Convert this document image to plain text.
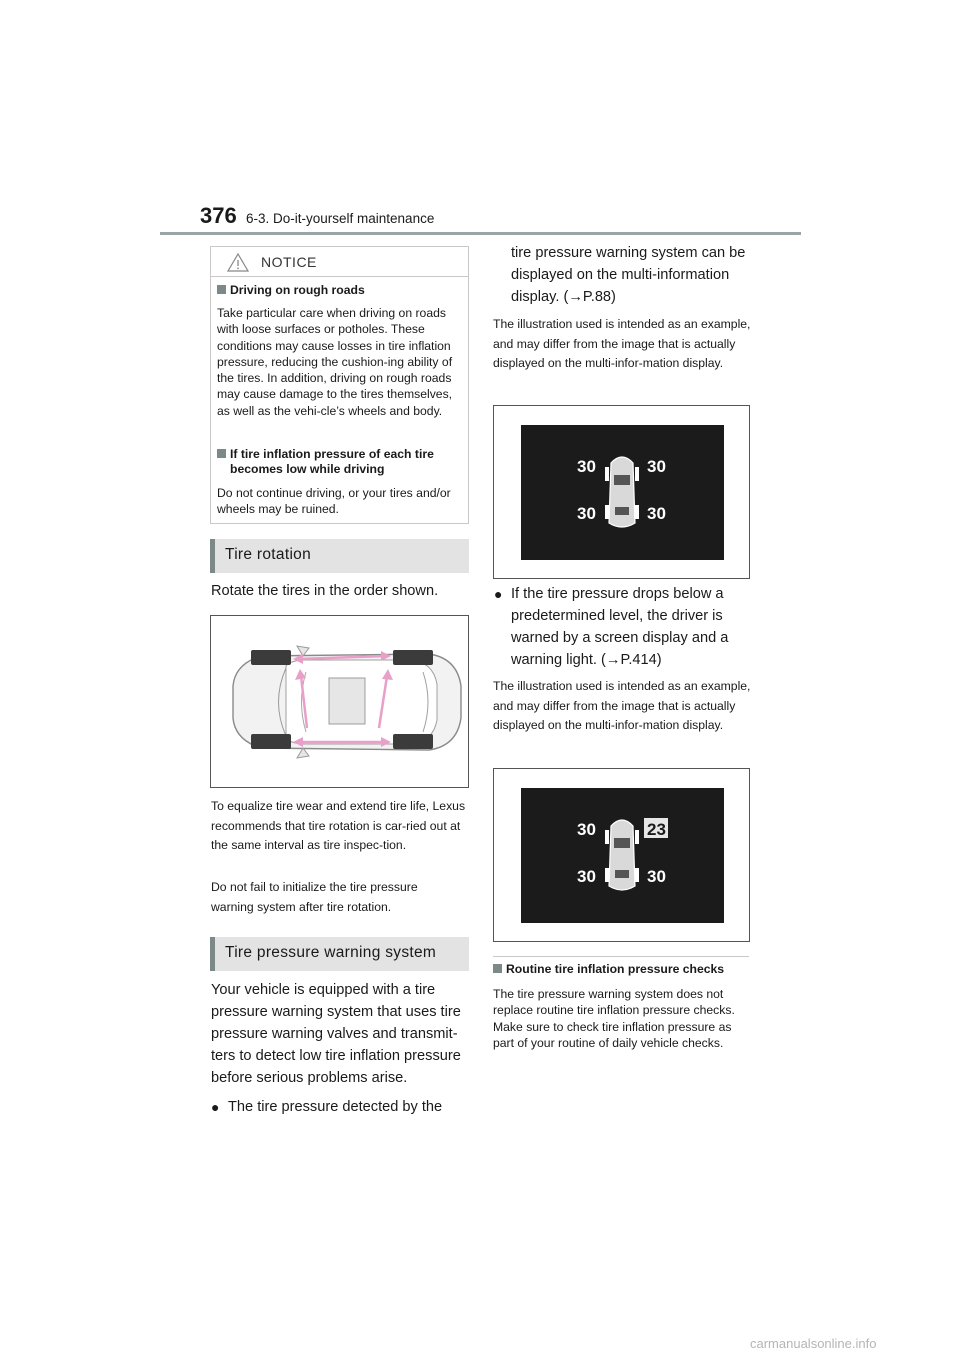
376 6-3. Do-it-yourself maintenance
NOTICE
Driving on rough roads
Take particular care when driving on roads with loose surfaces or potholes. These conditions may cause losses in tire inflation pressure, reducing the cushion-ing ability of the tires. In addition, driving on rough roads may cause damage to the tires themselves, as well as the vehi-cle’s wheels and body.
If tire inflation pressure of each tire
becomes low while driving
Do not continue driving, or your tires and/or wheels may be ruined.
Tire rotation
Rotate the tires in the order shown.
To equalize tire wear and extend tire life, Lexus recommends that tire rotation is car-ried out at the same interval as tire inspec-tion.
Do not fail to initialize the tire pressure warning system after tire rotation.
Tire pressure warning system
Your vehicle is equipped with a tire pressure warning system that uses tire pressure warning valves and transmit-ters to detect low tire inflation pressure before serious problems arise.
● The tire pressure detected by the
tire pressure warning system can be displayed on the multi-information display. (→P.88)
The illustration used is intended as an example, and may differ from the image that is actually displayed on the multi-infor-mation display.
30	30
30	30
● If the tire pressure drops below a predetermined level, the driver is warned by a screen display and a warning light. (→P.414)
The illustration used is intended as an example, and may differ from the image that is actually displayed on the multi-infor-mation display.
30	23
30	30
Routine tire inflation pressure checks
The tire pressure warning system does not replace routine tire inflation pressure checks. Make sure to check tire inflation pressure as part of your routine of daily vehicle checks.
carmanualsonline.info
